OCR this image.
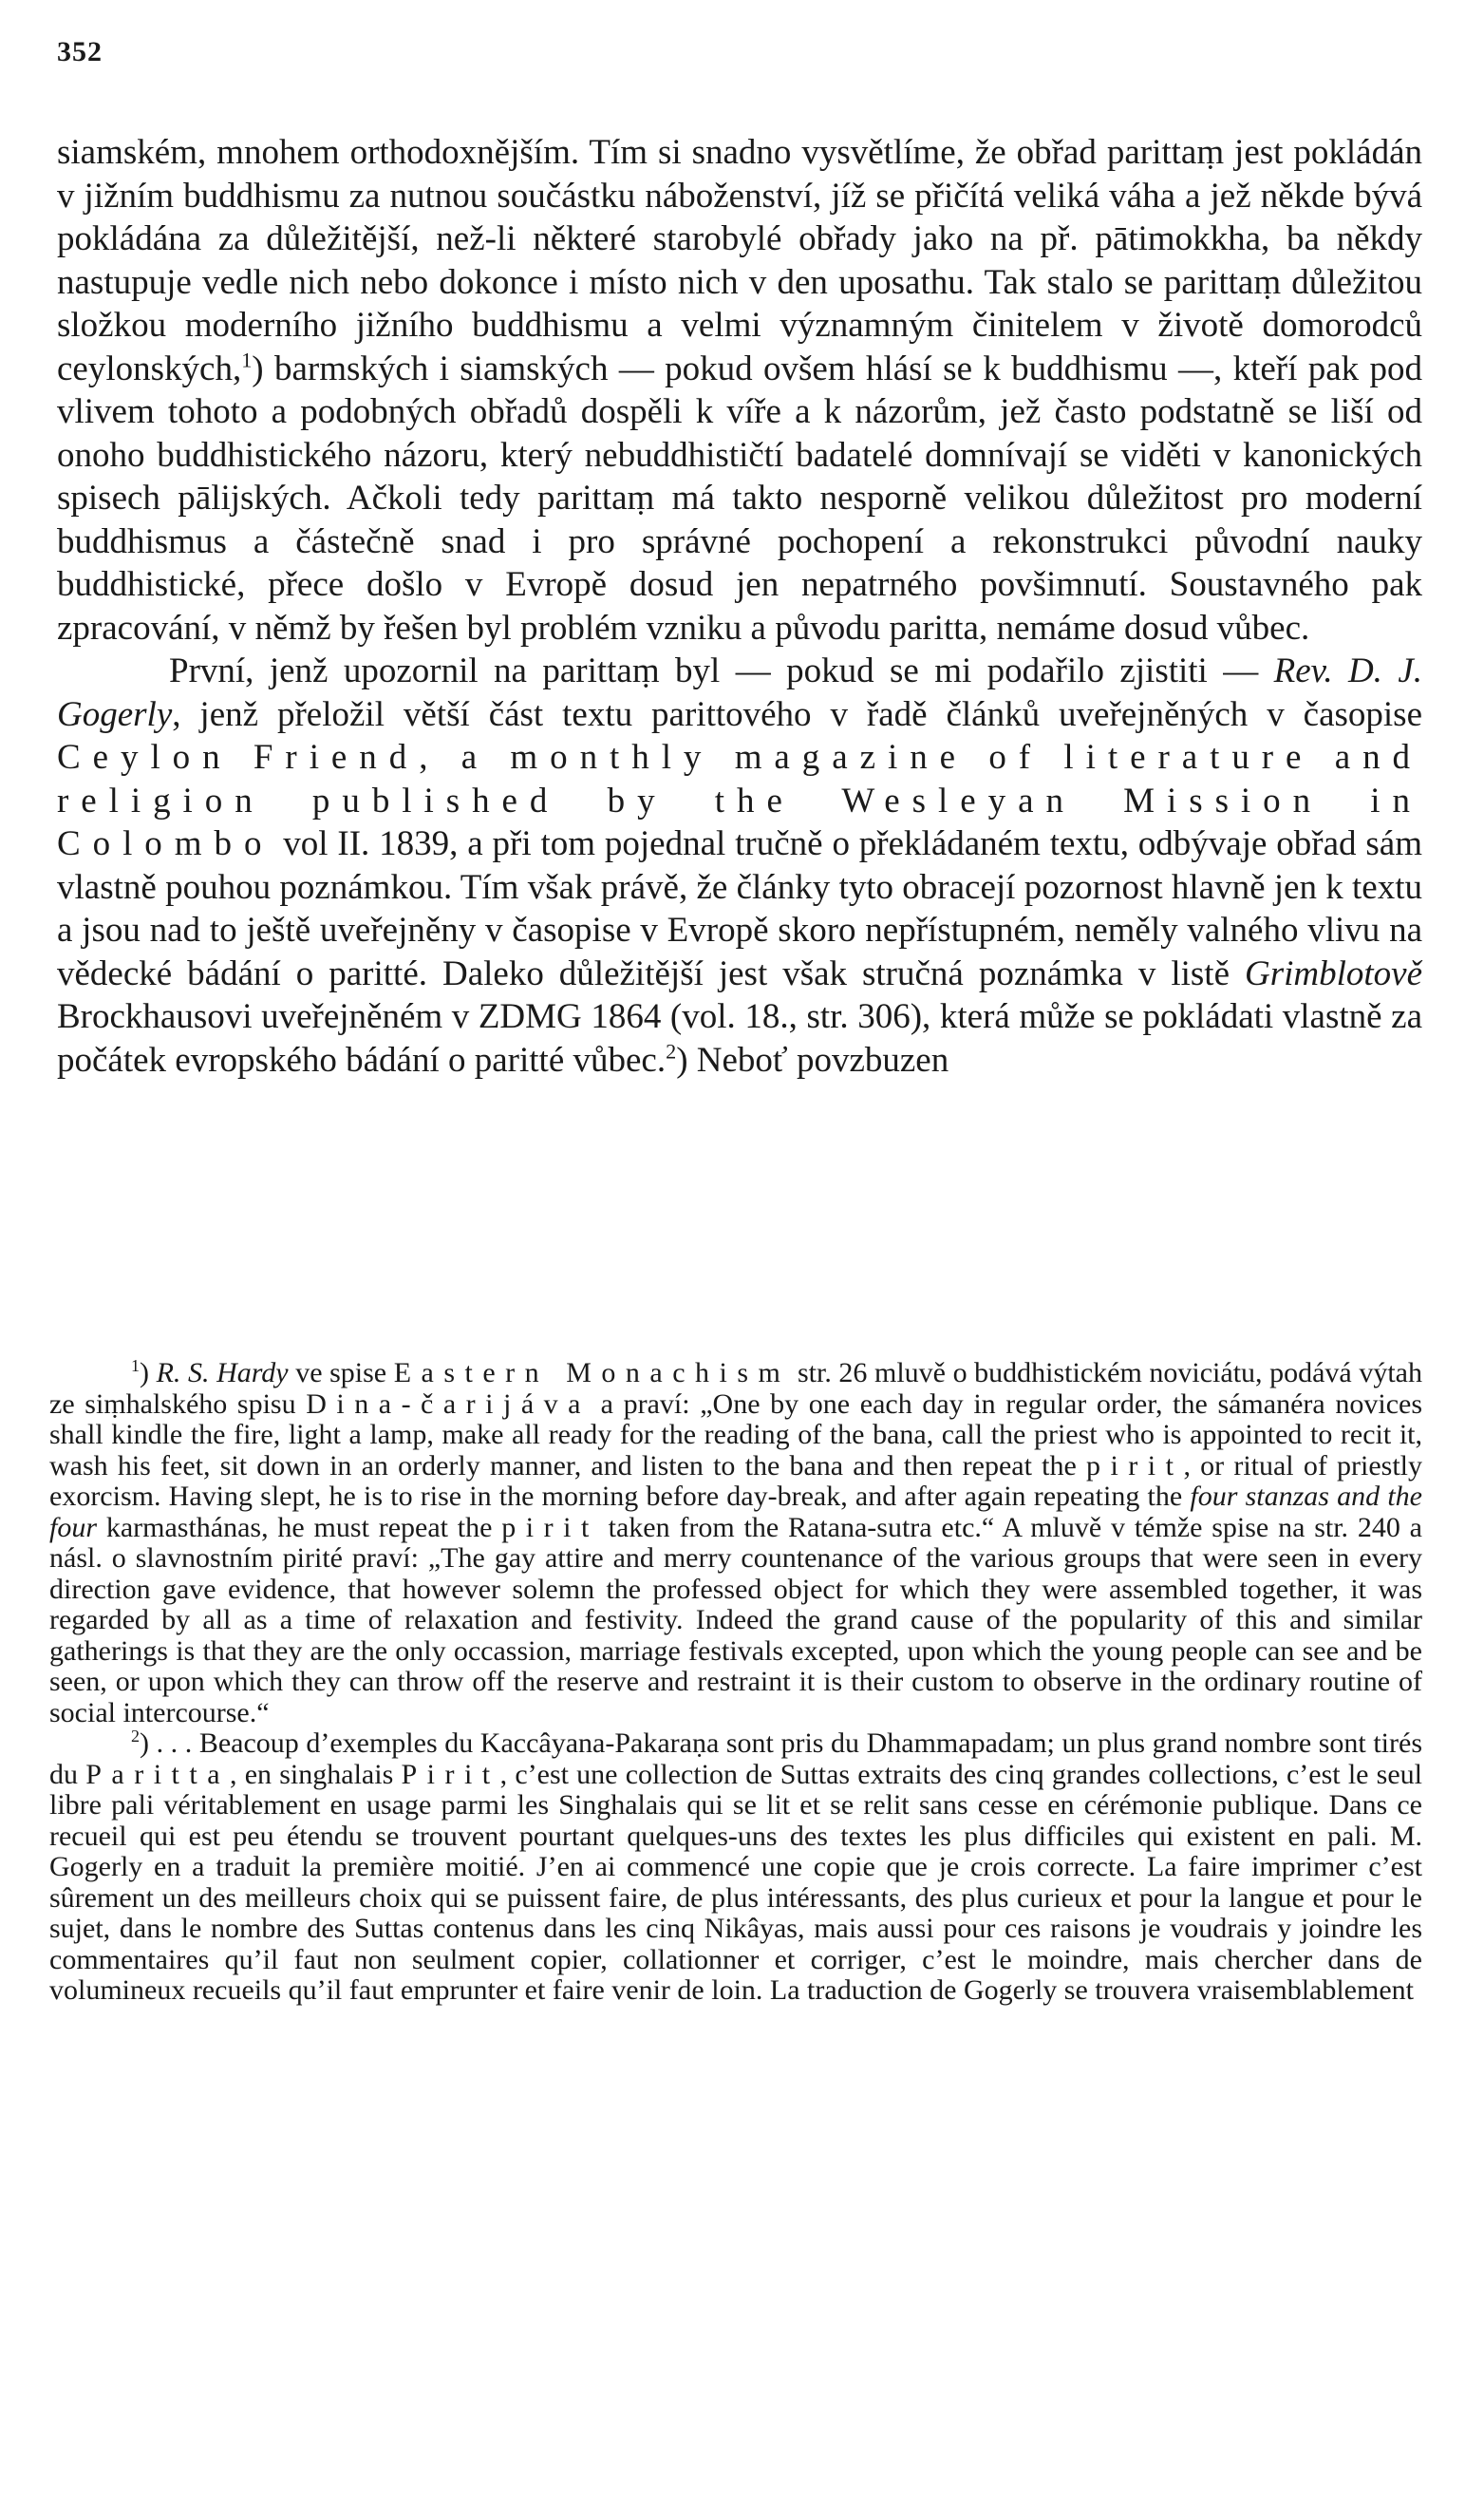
352

siamském, mnohem orthodoxnějším. Tím si snadno vysvětlíme, že obřad parittaṃ jest pokládán v jižním buddhismu za nutnou součástku náboženství, jíž se přičítá veliká váha a jež někde bývá pokládána za důležitější, než-li některé starobylé obřady jako na př. pātimokkha, ba někdy nastupuje vedle nich nebo dokonce i místo nich v den uposathu. Tak stalo se parittaṃ důležitou složkou moderního jižního buddhismu a velmi významným činitelem v životě domorodců ceylonských,$^1$) barmských i siamských — pokud ovšem hlásí se k buddhismu —, kteří pak pod vlivem tohoto a podobných obřadů dospěli k víře a k názorům, jež často podstatně se liší od onoho buddhistického názoru, který nebuddhističtí badatelé domnívají se viděti v kanonických spisech pālijských. Ačkoli tedy parittaṃ má takto nesporně velikou důležitost pro moderní buddhismus a částečně snad i pro správné pochopení a rekonstrukci původní nauky buddhistické, přece došlo v Evropě dosud jen nepatrného povšimnutí. Soustavného pak zpracování, v němž by řešen byl problém vzniku a původu paritta, nemáme dosud vůbec.

První, jenž upozornil na parittaṃ byl — pokud se mi podařilo zjistiti — Rev. D. J. Gogerly, jenž přeložil větší část textu parittového v řadě článků uveřejněných v časopise Ceylon Friend, a monthly magazine of literature and religion published by the Wesleyan Mission in Colombo vol II. 1839, a při tom pojednal tručně o překládaném textu, odbývaje obřad sám vlastně pouhou poznámkou. Tím však právě, že články tyto obracejí pozornost hlavně jen k textu a jsou nad to ještě uveřejněny v časopise v Evropě skoro nepřístupném, neměly valného vlivu na vědecké bádání o paritté. Daleko důležitější jest však stručná poznámka v listě Grimblotově Brockhausovi uveřejněném v ZDMG 1864 (vol. 18., str. 306), která může se pokládati vlastně za počátek evropského bádání o paritté vůbec.$^2$) Neboť povzbuzen

$^1$) R. S. Hardy ve spise Eastern Monachism str. 26 mluvě o buddhistickém noviciátu, podává výtah ze siṃhalského spisu Dina-čarijáva a praví: „One by one each day in regular order, the sámanéra novices shall kindle the fire, light a lamp, make all ready for the reading of the bana, call the priest who is appointed to recit it, wash his feet, sit down in an orderly manner, and listen to the bana and then repeat the pirit, or ritual of priestly exorcism. Having slept, he is to rise in the morning before day-break, and after again repeating the four stanzas and the four karmasthánas, he must repeat the pirit taken from the Ratana-sutra etc.“ A mluvě v témže spise na str. 240 a násl. o slavnostním pirité praví: „The gay attire and merry countenance of the various groups that were seen in every direction gave evidence, that however solemn the professed object for which they were assembled together, it was regarded by all as a time of relaxation and festivity. Indeed the grand cause of the popularity of this and similar gatherings is that they are the only occassion, marriage festivals excepted, upon which the young people can see and be seen, or upon which they can throw off the reserve and restraint it is their custom to observe in the ordinary routine of social intercourse.“

$^2$) . . . Beacoup d’exemples du Kaccâyana-Pakaraṇa sont pris du Dhammapadam; un plus grand nombre sont tirés du Paritta, en singhalais Pirit, c’est une collection de Suttas extraits des cinq grandes collections, c’est le seul libre pali véritablement en usage parmi les Singhalais qui se lit et se relit sans cesse en cérémonie publique. Dans ce recueil qui est peu étendu se trouvent pourtant quelques-uns des textes les plus difficiles qui existent en pali. M. Gogerly en a traduit la première moitié. J’en ai commencé une copie que je crois correcte. La faire imprimer c’est sûrement un des meilleurs choix qui se puissent faire, de plus intéressants, des plus curieux et pour la langue et pour le sujet, dans le nombre des Suttas contenus dans les cinq Nikâyas, mais aussi pour ces raisons je voudrais y joindre les commentaires qu’il faut non seulment copier, collationner et corriger, c’est le moindre, mais chercher dans de volumineux recueils qu’il faut emprunter et faire venir de loin. La traduction de Gogerly se trouvera vraisemblablement
